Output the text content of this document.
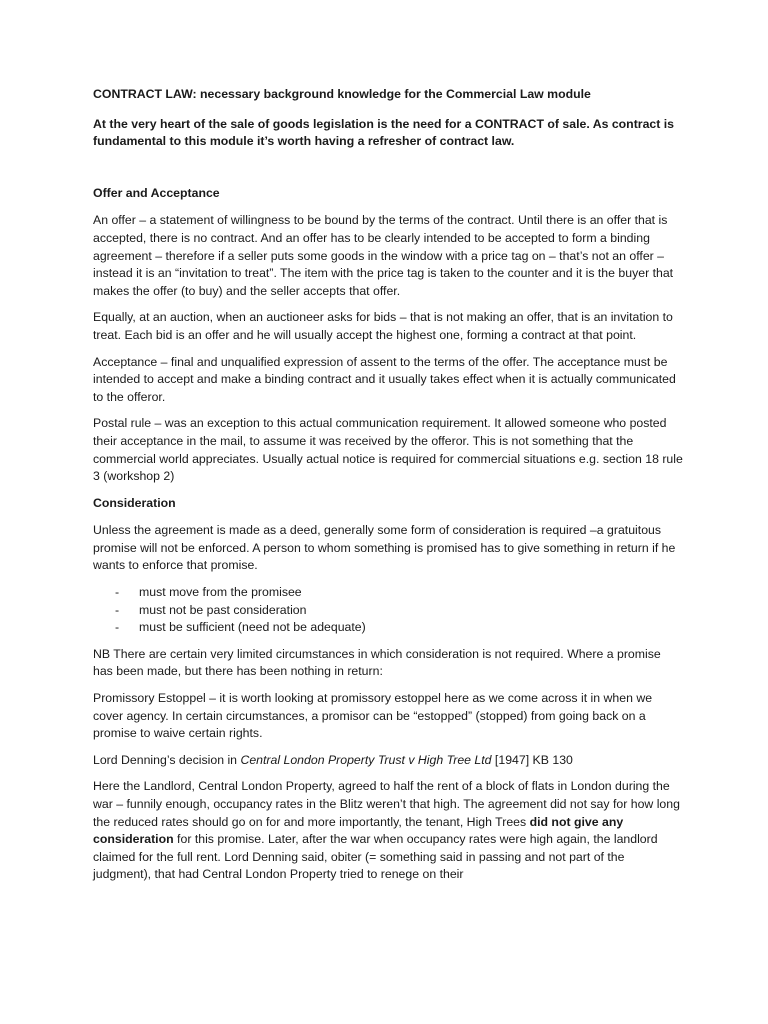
CONTRACT LAW: necessary background knowledge for the Commercial Law module

At the very heart of the sale of goods legislation is the need for a CONTRACT of sale. As contract is fundamental to this module it’s worth having a refresher of contract law.

Offer and Acceptance

An offer – a statement of willingness to be bound by the terms of the contract. Until there is an offer that is accepted, there is no contract. And an offer has to be clearly intended to be accepted to form a binding agreement – therefore if a seller puts some goods in the window with a price tag on – that’s not an offer – instead it is an “invitation to treat”. The item with the price tag is taken to the counter and it is the buyer that makes the offer (to buy) and the seller accepts that offer.

Equally, at an auction, when an auctioneer asks for bids – that is not making an offer, that is an invitation to treat. Each bid is an offer and he will usually accept the highest one, forming a contract at that point.

Acceptance – final and unqualified expression of assent to the terms of the offer. The acceptance must be intended to accept and make a binding contract and it usually takes effect when it is actually communicated to the offeror.

Postal rule – was an exception to this actual communication requirement. It allowed someone who posted their acceptance in the mail, to assume it was received by the offeror. This is not something that the commercial world appreciates. Usually actual notice is required for commercial situations e.g. section 18 rule 3 (workshop 2)

Consideration

Unless the agreement is made as a deed, generally some form of consideration is required –a gratuitous promise will not be enforced. A person to whom something is promised has to give something in return if he wants to enforce that promise.

- must move from the promisee
- must not be past consideration
- must be sufficient (need not be adequate)

NB There are certain very limited circumstances in which consideration is not required. Where a promise has been made, but there has been nothing in return:

Promissory Estoppel – it is worth looking at promissory estoppel here as we come across it in when we cover agency. In certain circumstances, a promisor can be “estopped” (stopped) from going back on a promise to waive certain rights.

Lord Denning’s decision in Central London Property Trust v High Tree Ltd [1947] KB 130

Here the Landlord, Central London Property, agreed to half the rent of a block of flats in London during the war – funnily enough, occupancy rates in the Blitz weren’t that high. The agreement did not say for how long the reduced rates should go on for and more importantly, the tenant, High Trees did not give any consideration for this promise. Later, after the war when occupancy rates were high again, the landlord claimed for the full rent. Lord Denning said, obiter (= something said in passing and not part of the judgment), that had Central London Property tried to renege on their
